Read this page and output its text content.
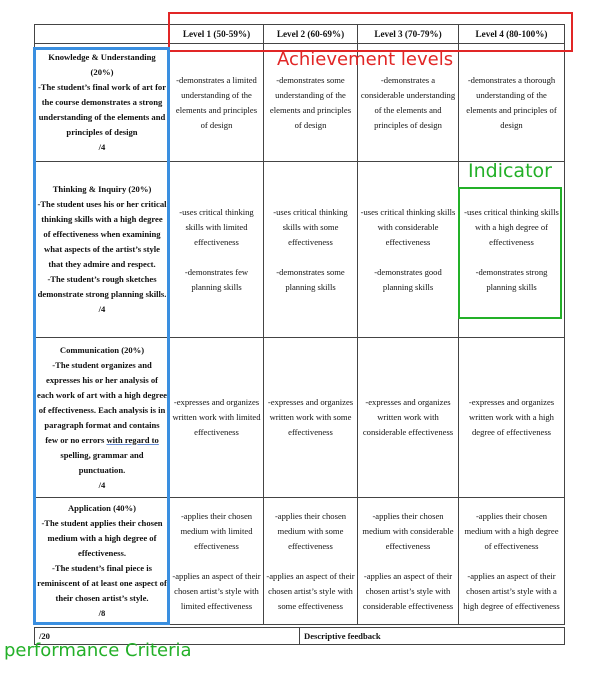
	Level 1 (50-59%)	Level 2 (60-69%)	Level 3 (70-79%)	Level 4 (80-100%)

Knowledge & Understanding
(20%)
-The student’s final work of art for the course demonstrates a strong understanding of the elements and principles of design
/4	-demonstrates a limited understanding of the elements and principles of design	-demonstrates some understanding of the elements and principles of design	-demonstrates a considerable understanding of the elements and principles of design	-demonstrates a thorough understanding of the elements and principles of design

Thinking & Inquiry (20%)
-The student uses his or her critical thinking skills with a high degree of effectiveness when examining what aspects of the artist’s style that they admire and respect.
-The student’s rough sketches demonstrate strong planning skills.
/4	-uses critical thinking skills with limited effectiveness
-demonstrates few planning skills	-uses critical thinking skills with some effectiveness
-demonstrates some planning skills	-uses critical thinking skills with considerable effectiveness
-demonstrates good planning skills	-uses critical thinking skills with a high degree of effectiveness
-demonstrates strong planning skills

Communication (20%)
-The student organizes and expresses his or her analysis of each work of art with a high degree of effectiveness. Each analysis is in paragraph format and contains few or no errors with regard to spelling, grammar and punctuation.
/4	-expresses and organizes written work with limited effectiveness	-expresses and organizes written work with some effectiveness	-expresses and organizes written work with considerable effectiveness	-expresses and organizes written work with a high degree of effectiveness

Application (40%)
-The student applies their chosen medium with a high degree of effectiveness.
-The student’s final piece is reminiscent of at least one aspect of their chosen artist’s style.
/8	-applies their chosen medium with limited effectiveness
-applies an aspect of their chosen artist’s style with limited effectiveness	-applies their chosen medium with some effectiveness
-applies an aspect of their chosen artist’s style with some effectiveness	-applies their chosen medium with considerable effectiveness
-applies an aspect of their chosen artist’s style with considerable effectiveness	-applies their chosen medium with a high degree of effectiveness
-applies an aspect of their chosen artist’s style with a high degree of effectiveness
/20	Descriptive feedback
Achievement levels
Indicator
performance Criteria
